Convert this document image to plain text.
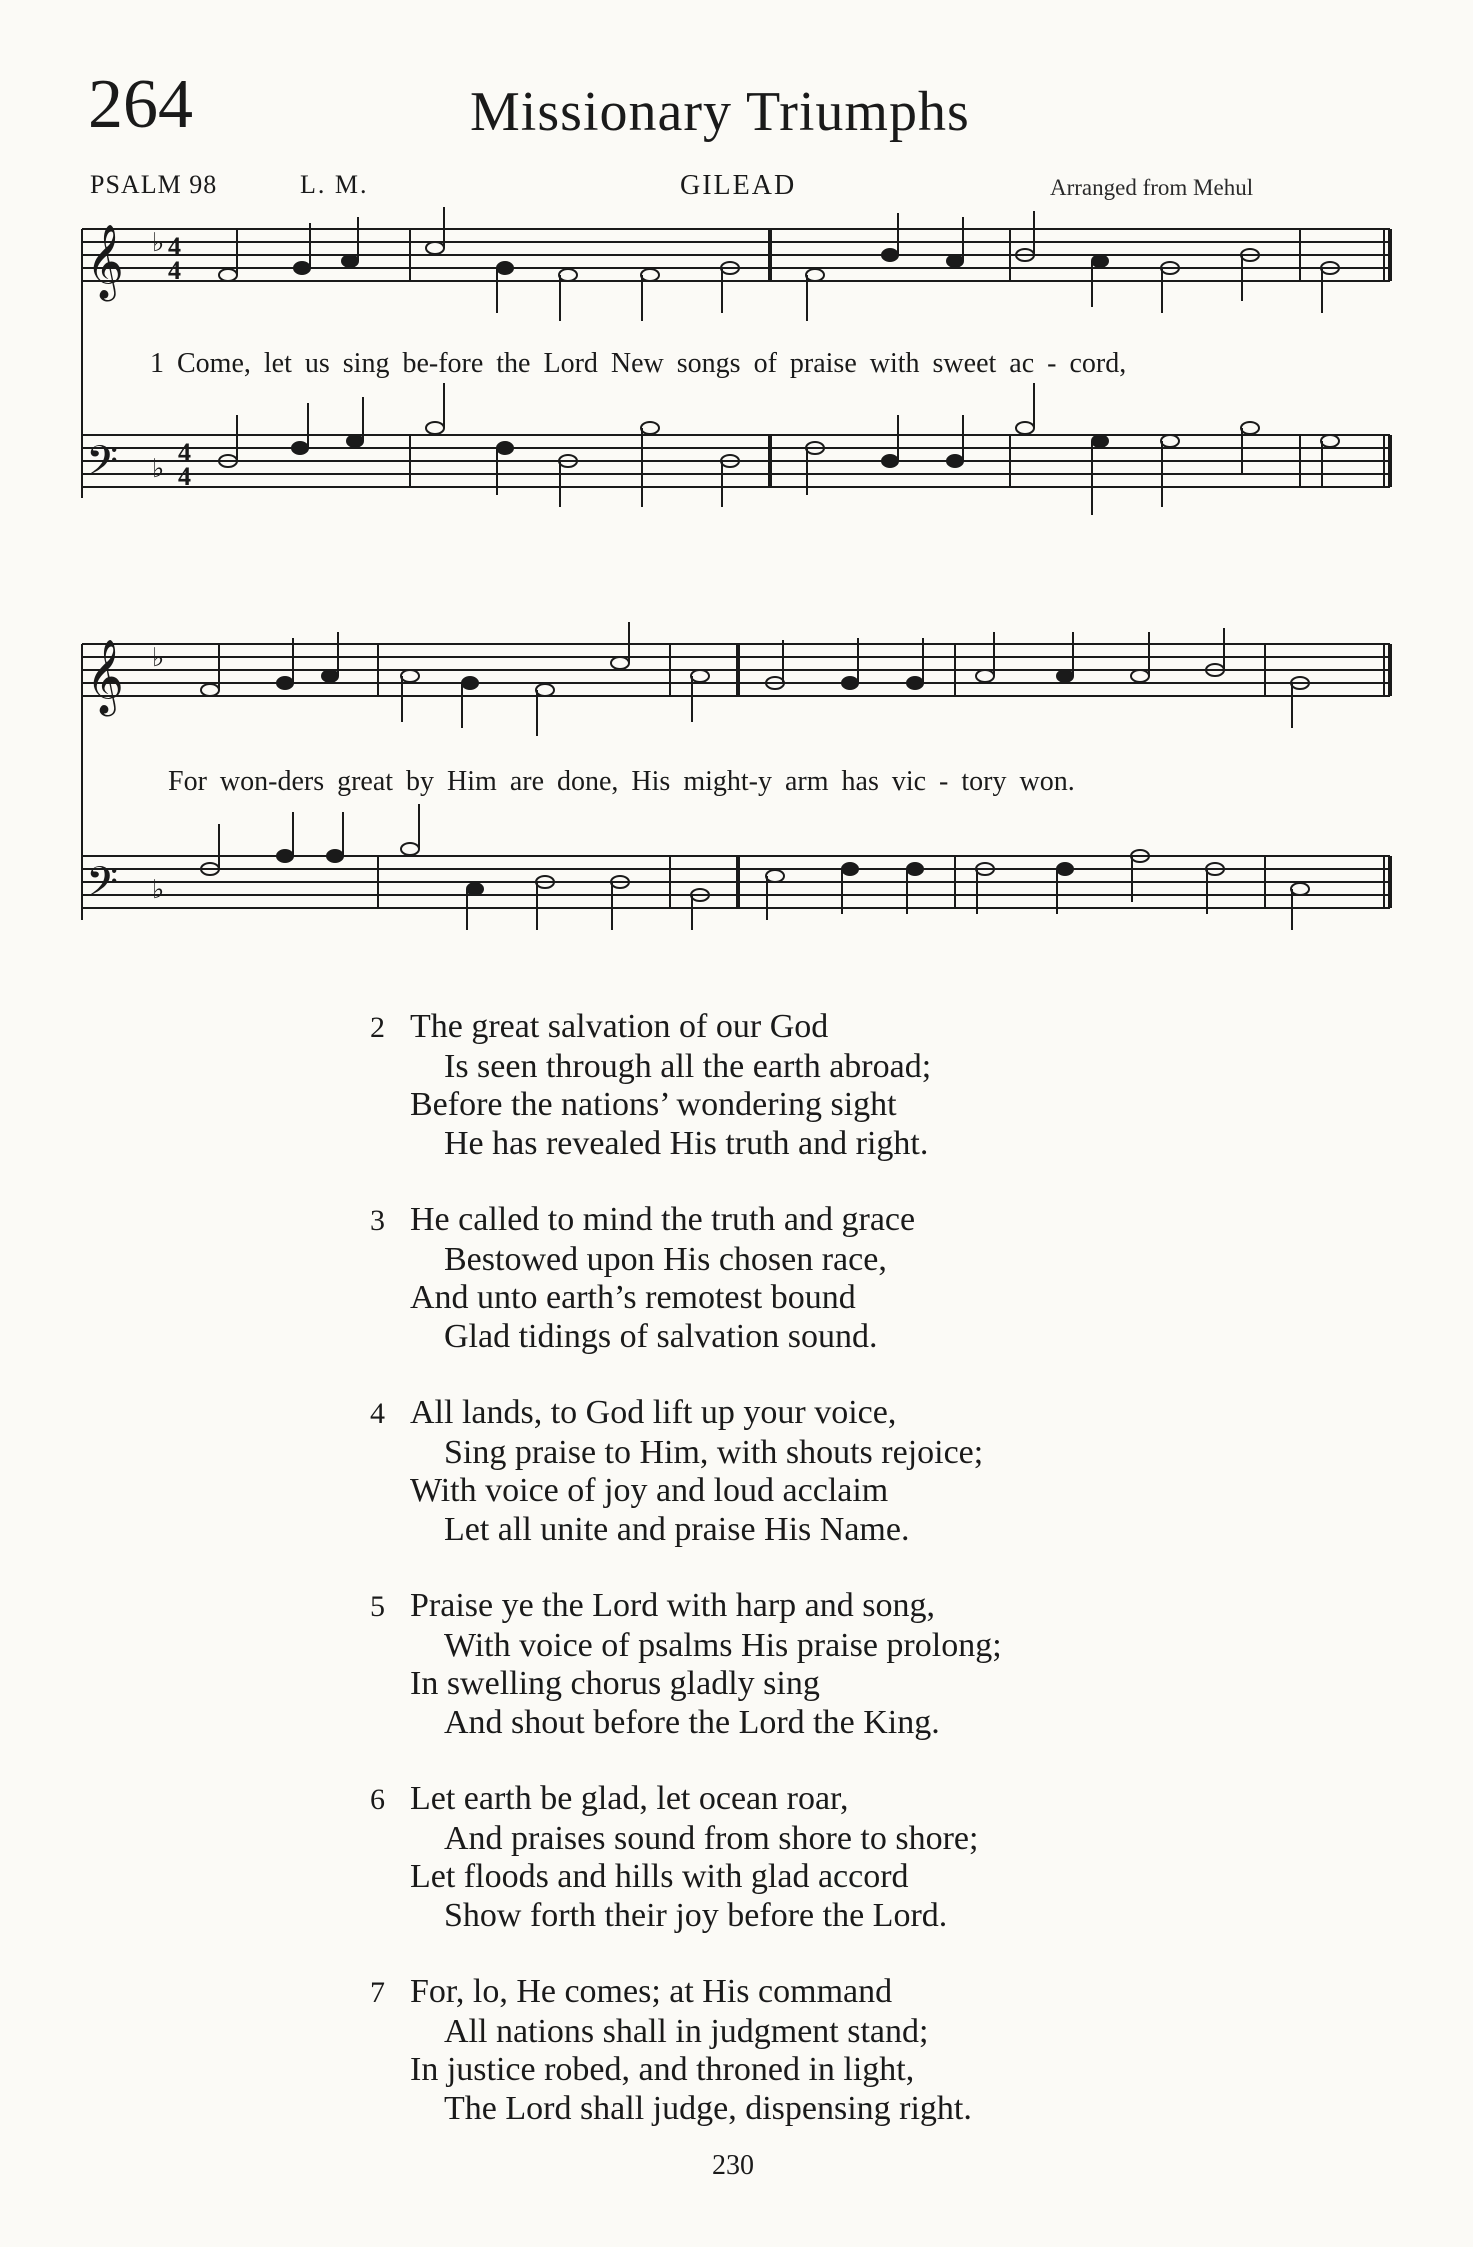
264	Missionary Triumphs
PSALM 98	L. M.	GILEAD	Arranged from Mehul
𝄞
𝄢
♭
♭
4
4
4
4
1 Come, let us sing be-fore the Lord New songs of praise with sweet ac - cord,
𝄞
𝄢
♭
♭
For won-ders great by Him are done, His might-y arm has vic - tory won.
2 The great salvation of our God
Is seen through all the earth abroad;
Before the nations’ wondering sight
He has revealed His truth and right.
3 He called to mind the truth and grace
Bestowed upon His chosen race,
And unto earth’s remotest bound
Glad tidings of salvation sound.
4 All lands, to God lift up your voice,
Sing praise to Him, with shouts rejoice;
With voice of joy and loud acclaim
Let all unite and praise His Name.
5 Praise ye the Lord with harp and song,
With voice of psalms His praise prolong;
In swelling chorus gladly sing
And shout before the Lord the King.
6 Let earth be glad, let ocean roar,
And praises sound from shore to shore;
Let floods and hills with glad accord
Show forth their joy before the Lord.
7 For, lo, He comes; at His command
All nations shall in judgment stand;
In justice robed, and throned in light,
The Lord shall judge, dispensing right.
230
